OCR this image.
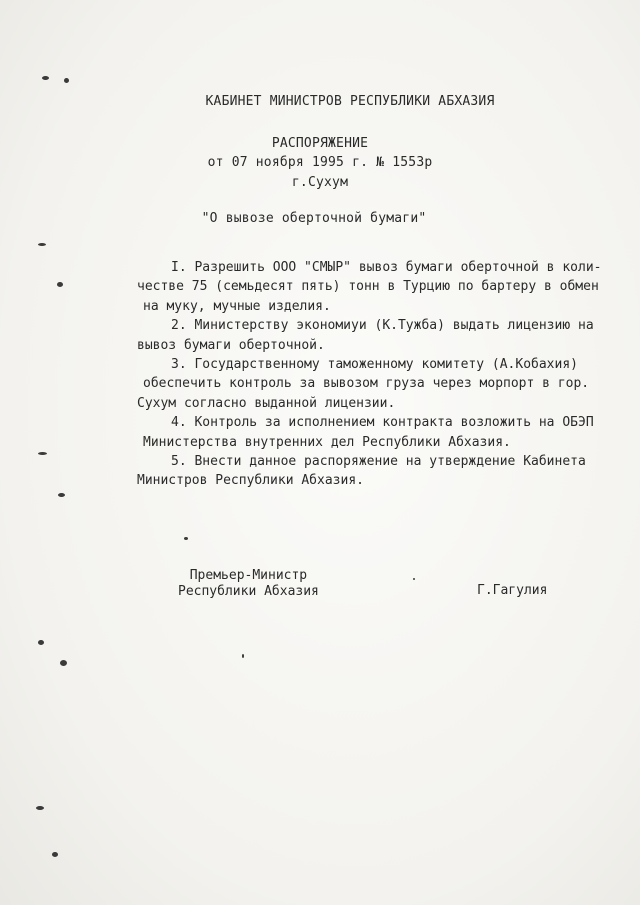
КАБИНЕТ МИНИСТРОВ РЕСПУБЛИКИ АБХАЗИЯ
РАСПОРЯЖЕНИЕ
от 07 ноября 1995 г. № 1553р
г.Сухум
"О вывозе оберточной бумаги"
I. Разрешить ООО "СМЫР" вывоз бумаги оберточной в коли-
честве 75 (семьдесят пять) тонн в Турцию по бартеру в обмен
на муку, мучные изделия.
2. Министерству экономиуи (К.Тужба) выдать лицензию на
вывоз бумаги оберточной.
3. Государственному таможенному комитету (А.Кобахия)
обеспечить контроль за вывозом груза через морпорт в гор.
Сухум согласно выданной лицензии.
4. Контроль за исполнением контракта возложить на ОБЭП
Министерства внутренних дел Республики Абхазия.
5. Внести данное распоряжение на утверждение Кабинета
Министров Республики Абхазия.
Премьер-Министр
Республики Абхазия	Г.Гагулия
